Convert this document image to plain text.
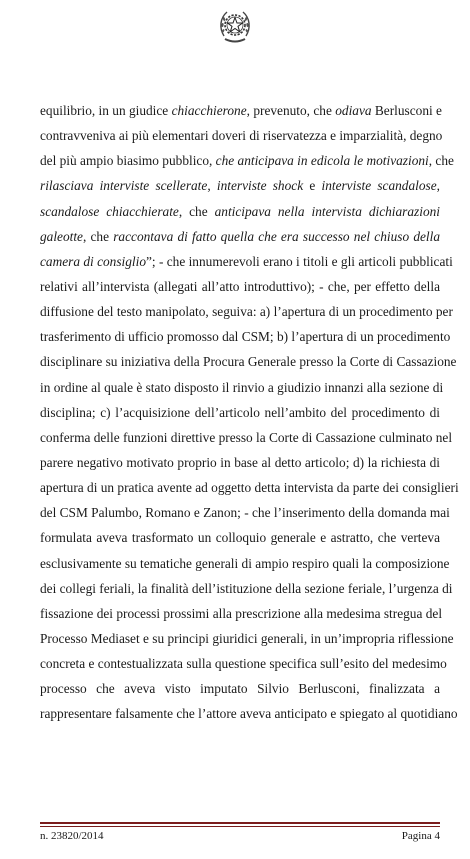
equilibrio, in un giudice chiacchierone, prevenuto, che odiava Berlusconi e
contravveniva ai più elementari doveri di riservatezza e imparzialità, degno
del più ampio biasimo pubblico, che anticipava in edicola le motivazioni, che
rilasciava interviste scellerate, interviste shock e interviste scandalose,
scandalose chiacchierate, che anticipava nella intervista dichiarazioni
galeotte, che raccontava di fatto quella che era successo nel chiuso della
camera di consiglio”; - che innumerevoli erano i titoli e gli articoli pubblicati
relativi all’intervista (allegati all’atto introduttivo); - che, per effetto della
diffusione del testo manipolato, seguiva: a) l’apertura di un procedimento per
trasferimento di ufficio promosso dal CSM; b) l’apertura di un procedimento
disciplinare su iniziativa della Procura Generale presso la Corte di Cassazione
in ordine al quale è stato disposto il rinvio a giudizio innanzi alla sezione di
disciplina; c) l’acquisizione dell’articolo nell’ambito del procedimento di
conferma delle funzioni direttive presso la Corte di Cassazione culminato nel
parere negativo motivato proprio in base al detto articolo; d) la richiesta di
apertura di un pratica avente ad oggetto detta intervista da parte dei consiglieri
del CSM Palumbo, Romano e Zanon; - che l’inserimento della domanda mai
formulata aveva trasformato un colloquio generale e astratto, che verteva
esclusivamente su tematiche generali di ampio respiro quali la composizione
dei collegi feriali, la finalità dell’istituzione della sezione feriale, l’urgenza di
fissazione dei processi prossimi alla prescrizione alla medesima stregua del
Processo Mediaset e su principi giuridici generali, in un’impropria riflessione
concreta e contestualizzata sulla questione specifica sull’esito del medesimo
processo che aveva visto imputato Silvio Berlusconi, finalizzata a
rappresentare falsamente che l’attore aveva anticipato e spiegato al quotidiano
n. 23820/2014	Pagina 4
